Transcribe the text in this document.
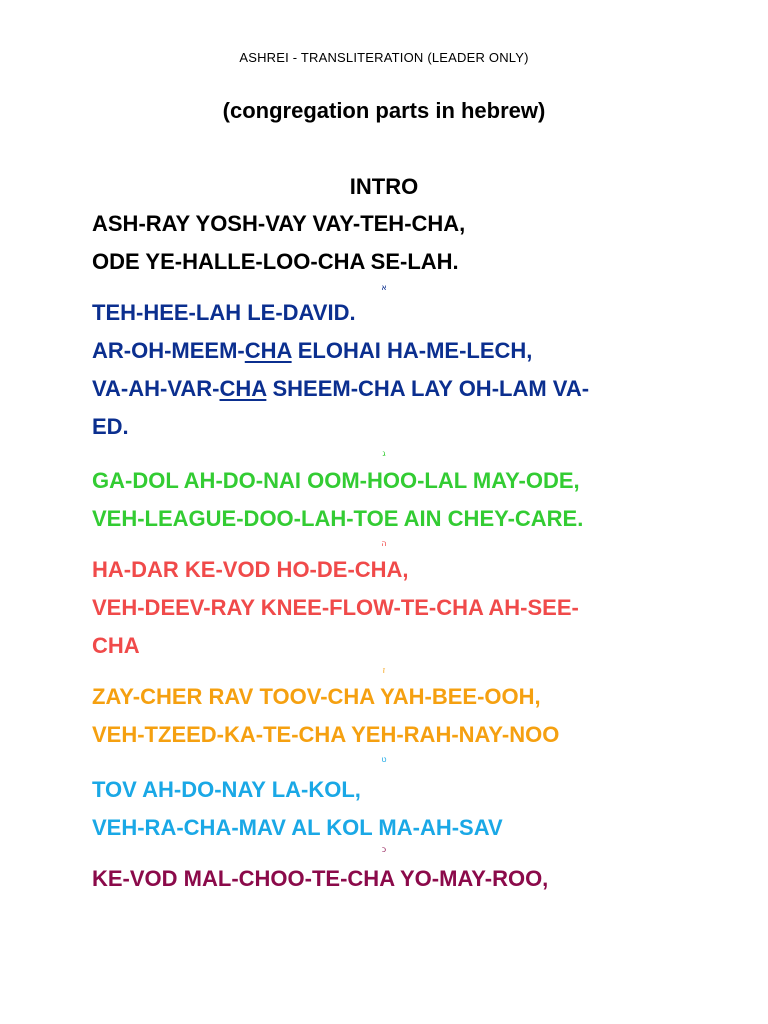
ASHREI - TRANSLITERATION (LEADER ONLY)
(congregation parts in hebrew)
INTRO
ASH-RAY YOSH-VAY VAY-TEH-CHA,
ODE YE-HALLE-LOO-CHA SE-LAH.
א
TEH-HEE-LAH LE-DAVID.
AR-OH-MEEM-CHA ELOHAI HA-ME-LECH,
VA-AH-VAR-CHA SHEEM-CHA LAY OH-LAM VA-
ED.
ג
GA-DOL AH-DO-NAI OOM-HOO-LAL MAY-ODE,
VEH-LEAGUE-DOO-LAH-TOE AIN CHEY-CARE.
ה
HA-DAR KE-VOD HO-DE-CHA,
VEH-DEEV-RAY KNEE-FLOW-TE-CHA AH-SEE-
CHA
ז
ZAY-CHER RAV TOOV-CHA YAH-BEE-OOH,
VEH-TZEED-KA-TE-CHA YEH-RAH-NAY-NOO
ט
TOV AH-DO-NAY LA-KOL,
VEH-RA-CHA-MAV AL KOL MA-AH-SAV
כ
KE-VOD MAL-CHOO-TE-CHA YO-MAY-ROO,
